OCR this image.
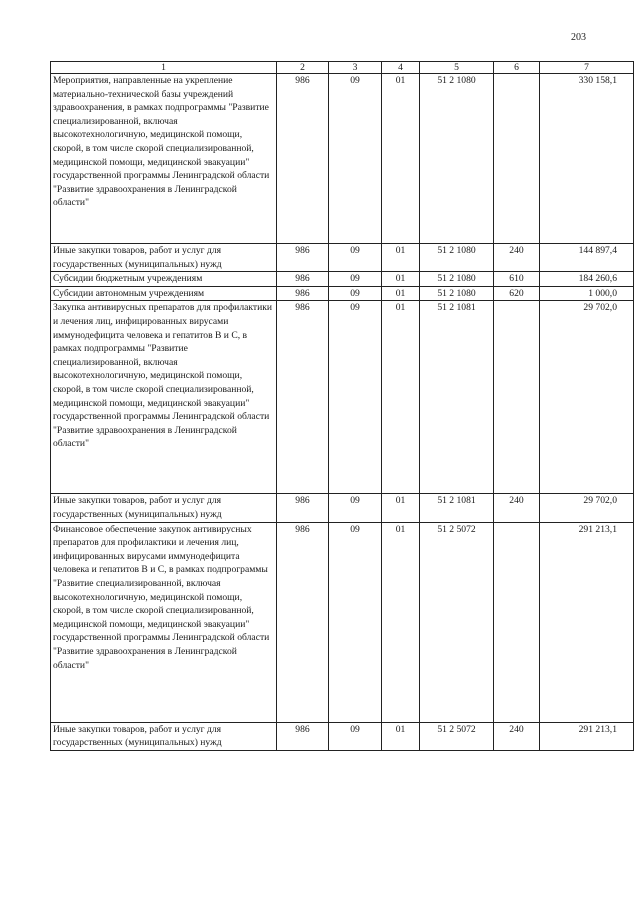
203
1	2	3	4	5	6	7
Мероприятия, направленные на укрепление материально-технической базы учреждений здравоохранения, в рамках подпрограммы "Развитие специализированной, включая высокотехнологичную, медицинской помощи, скорой, в том числе скорой специализированной, медицинской помощи, медицинской эвакуации" государственной программы Ленинградской области "Развитие здравоохранения в Ленинградской области"	986	09	01	51 2 1080		330 158,1
Иные закупки товаров, работ и услуг для государственных (муниципальных) нужд	986	09	01	51 2 1080	240	144 897,4
Субсидии бюджетным учреждениям	986	09	01	51 2 1080	610	184 260,6
Субсидии автономным учреждениям	986	09	01	51 2 1080	620	1 000,0
Закупка антивирусных препаратов для профилактики и лечения лиц, инфицированных вирусами иммунодефицита человека и гепатитов В и С, в рамках подпрограммы "Развитие специализированной, включая высокотехнологичную, медицинской помощи, скорой, в том числе скорой специализированной, медицинской помощи, медицинской эвакуации" государственной программы Ленинградской области "Развитие здравоохранения в Ленинградской области"	986	09	01	51 2 1081		29 702,0
Иные закупки товаров, работ и услуг для государственных (муниципальных) нужд	986	09	01	51 2 1081	240	29 702,0
Финансовое обеспечение закупок антивирусных препаратов для профилактики и лечения лиц, инфицированных вирусами иммунодефицита человека и гепатитов В и С, в рамках подпрограммы "Развитие специализированной, включая высокотехнологичную, медицинской помощи, скорой, в том числе скорой специализированной, медицинской помощи, медицинской эвакуации" государственной программы Ленинградской области "Развитие здравоохранения в Ленинградской области"	986	09	01	51 2 5072		291 213,1
Иные закупки товаров, работ и услуг для государственных (муниципальных) нужд	986	09	01	51 2 5072	240	291 213,1
